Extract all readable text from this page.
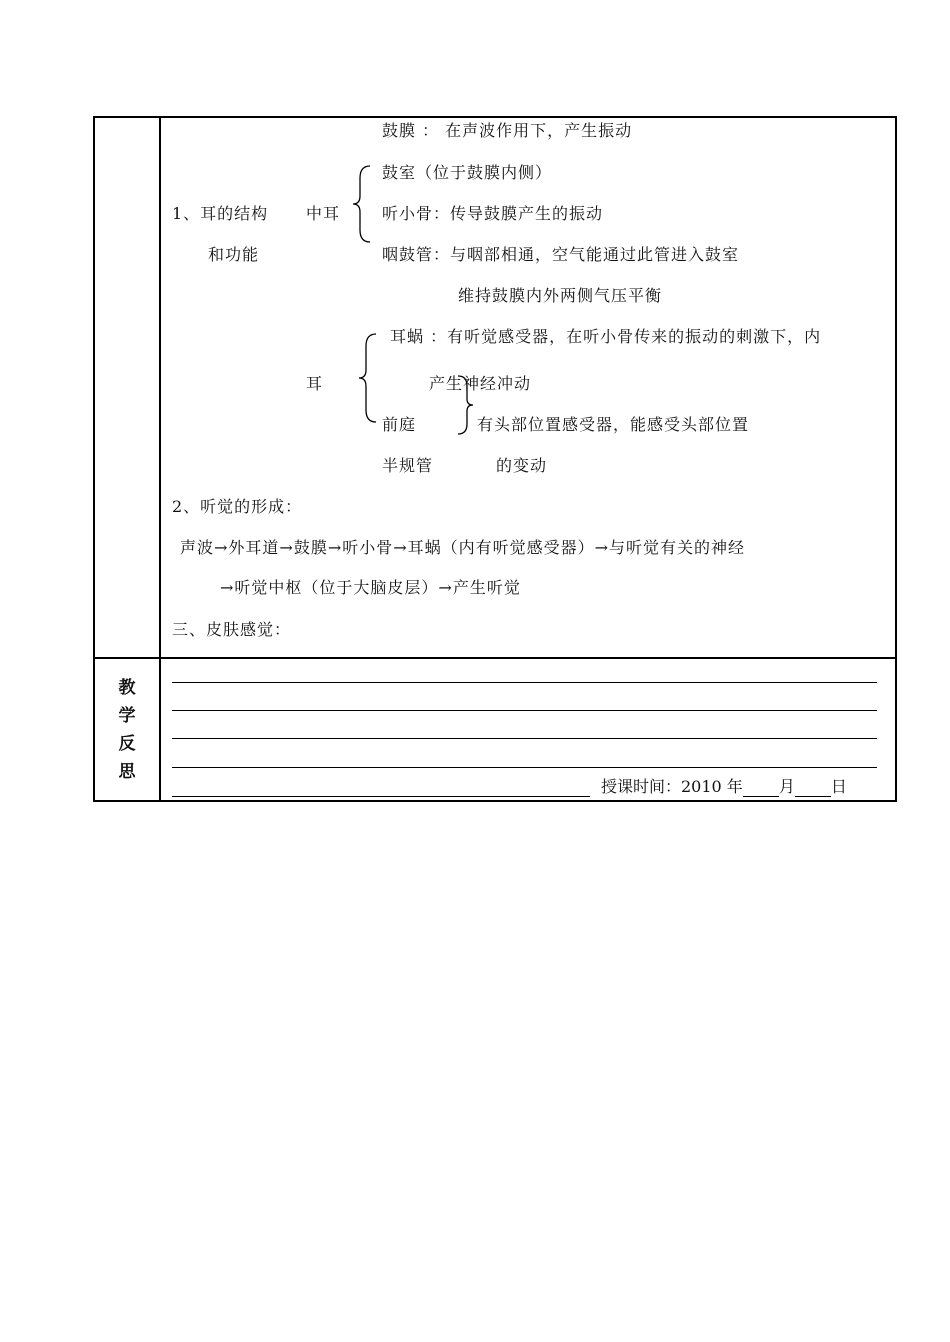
鼓膜 ： 在声波作用下，产生振动
1、耳的结构
和功能
中耳
鼓室（位于鼓膜内侧）
听小骨：传导鼓膜产生的振动
咽鼓管：与咽部相通，空气能通过此管进入鼓室
维持鼓膜内外两侧气压平衡
耳蜗 ：有听觉感受器，在听小骨传来的振动的刺激下，内
耳	产生神经冲动
前庭	有头部位置感受器，能感受头部位置
半规管	的变动
2、听觉的形成：
声波→外耳道→鼓膜→听小骨→耳蜗（内有听觉感受器）→与听觉有关的神经
→听觉中枢（位于大脑皮层）→产生听觉
三、皮肤感觉：
教
学
反
思
授课时间：2010 年 月 日
